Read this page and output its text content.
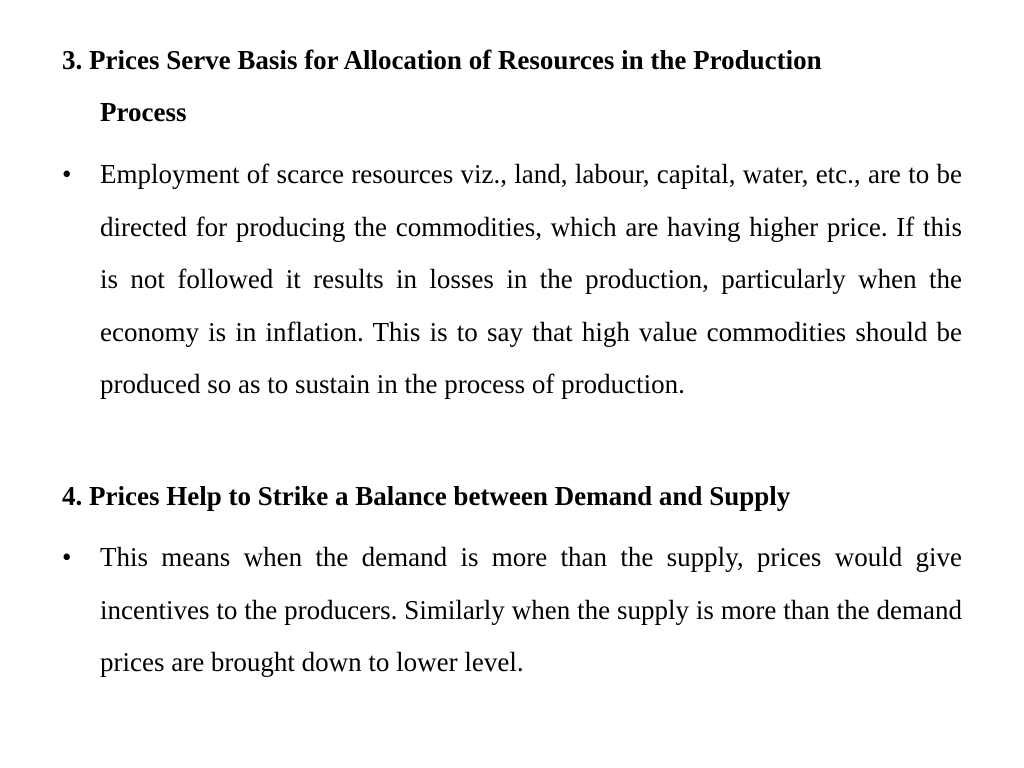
3. Prices Serve Basis for Allocation of Resources in the Production
Process
•	Employment of scarce resources viz., land, labour, capital, water, etc., are to be directed for producing the commodities, which are having higher price. If this is not followed it results in losses in the production, particularly when the economy is in inflation. This is to say that high value commodities should be produced so as to sustain in the process of production.
4. Prices Help to Strike a Balance between Demand and Supply
•	This means when the demand is more than the supply, prices would give incentives to the producers. Similarly when the supply is more than the demand prices are brought down to lower level.
